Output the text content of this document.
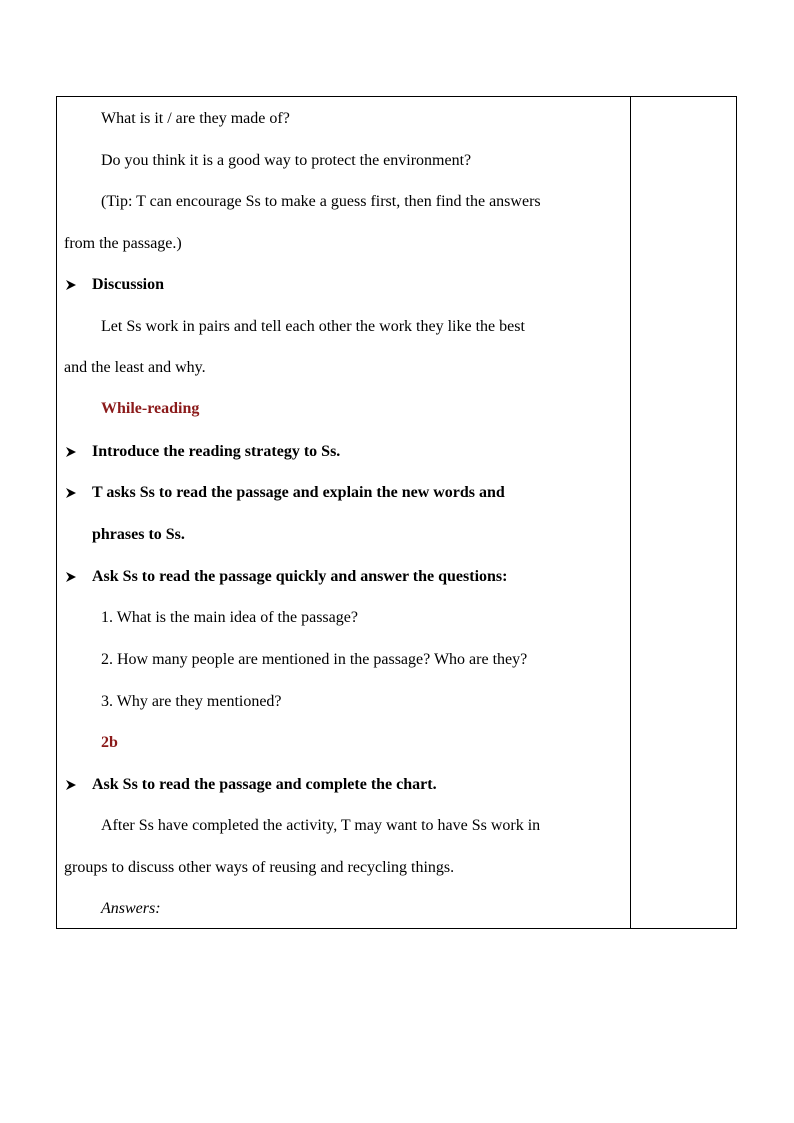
What is it / are they made of?
Do you think it is a good way to protect the environment?
(Tip: T can encourage Ss to make a guess first, then find the answers
from the passage.)
Discussion
Let Ss work in pairs and tell each other the work they like the best
and the least and why.
While-reading
Introduce the reading strategy to Ss.
T asks Ss to read the passage and explain the new words and
phrases to Ss.
Ask Ss to read the passage quickly and answer the questions:
1. What is the main idea of the passage?
2. How many people are mentioned in the passage? Who are they?
3. Why are they mentioned?
2b
Ask Ss to read the passage and complete the chart.
After Ss have completed the activity, T may want to have Ss work in
groups to discuss other ways of reusing and recycling things.
Answers:
